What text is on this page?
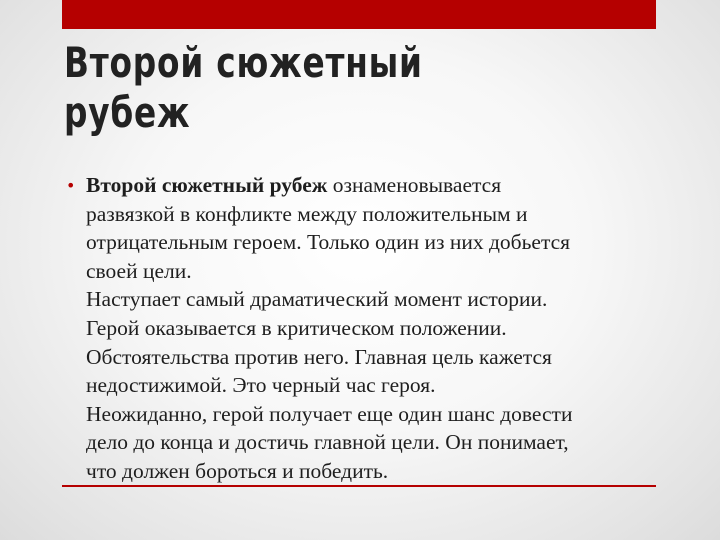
Второй сюжетный
рубеж
• Второй сюжетный рубеж ознаменовывается
развязкой в конфликте между положительным и
отрицательным героем. Только один из них добьется
своей цели.
Наступает самый драматический момент истории.
Герой оказывается в критическом положении.
Обстоятельства против него. Главная цель кажется
недостижимой. Это черный час героя.
Неожиданно, герой получает еще один шанс довести
дело до конца и достичь главной цели. Он понимает,
что должен бороться и победить.
